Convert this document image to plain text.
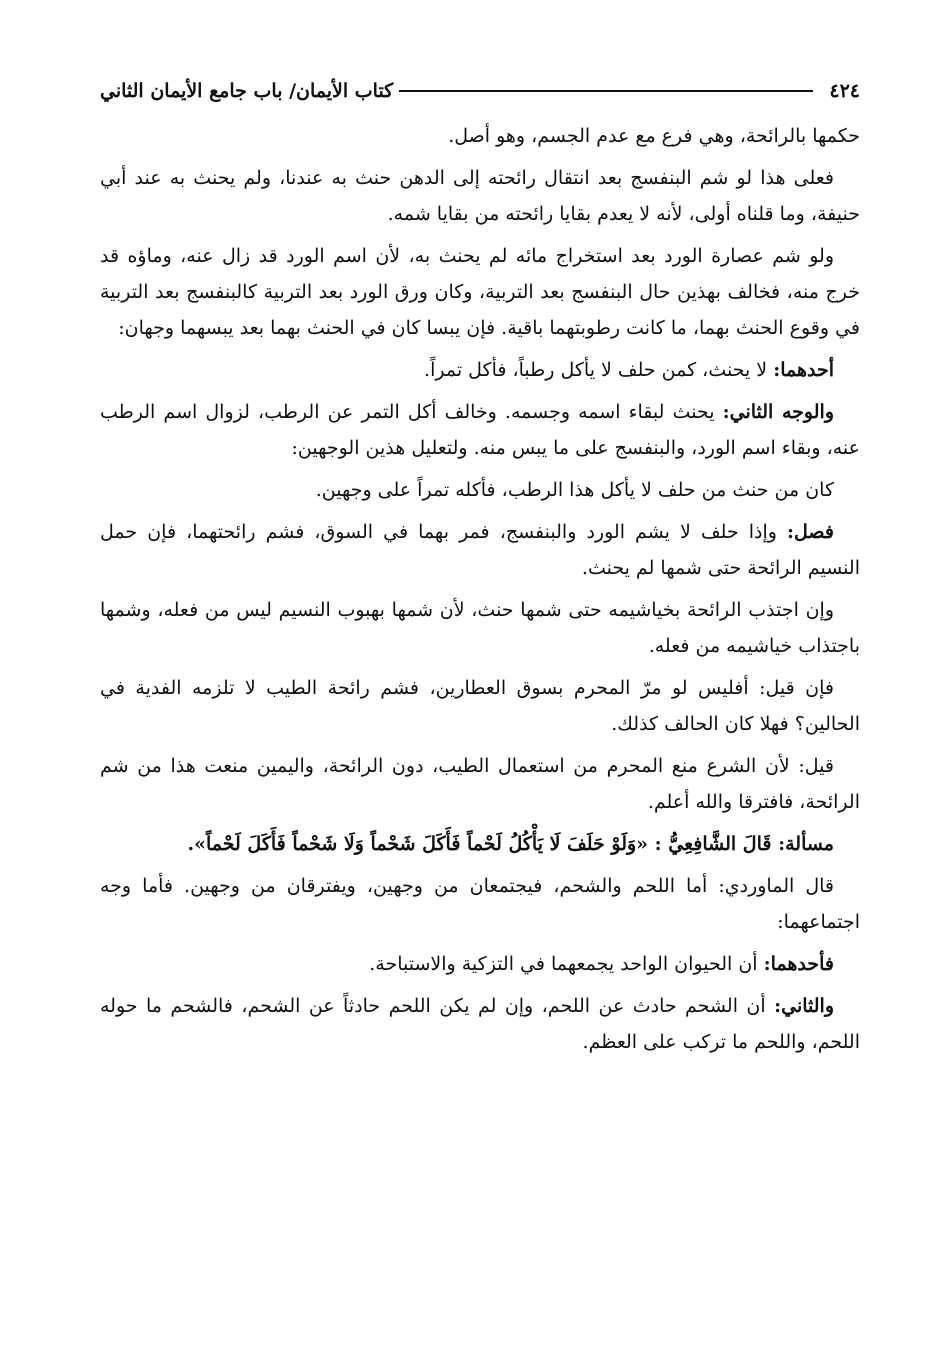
٤٢٤
كتاب الأيمان/ باب جامع الأيمان الثاني

حكمها بالرائحة، وهي فرع مع عدم الجسم، وهو أصل.

فعلى هذا لو شم البنفسج بعد انتقال رائحته إلى الدهن حنث به عندنا، ولم يحنث به عند أبي حنيفة، وما قلناه أولى، لأنه لا يعدم بقايا رائحته من بقايا شمه.

ولو شم عصارة الورد بعد استخراج مائه لم يحنث به، لأن اسم الورد قد زال عنه، وماؤه قد خرج منه، فخالف بهذين حال البنفسج بعد التربية، وكان ورق الورد بعد التربية كالبنفسج بعد التربية في وقوع الحنث بهما، ما كانت رطوبتهما باقية. فإن يبسا كان في الحنث بهما بعد يبسهما وجهان:

أحدهما: لا يحنث، كمن حلف لا يأكل رطباً، فأكل تمراً.

والوجه الثاني: يحنث لبقاء اسمه وجسمه. وخالف أكل التمر عن الرطب، لزوال اسم الرطب عنه، وبقاء اسم الورد، والبنفسج على ما يبس منه. ولتعليل هذين الوجهين:

كان من حنث من حلف لا يأكل هذا الرطب، فأكله تمراً على وجهين.

فصل: وإذا حلف لا يشم الورد والبنفسج، فمر بهما في السوق، فشم رائحتهما، فإن حمل النسيم الرائحة حتى شمها لم يحنث.

وإن اجتذب الرائحة بخياشيمه حتى شمها حنث، لأن شمها بهبوب النسيم ليس من فعله، وشمها باجتذاب خياشيمه من فعله.

فإن قيل: أفليس لو مرّ المحرم بسوق العطارين، فشم رائحة الطيب لا تلزمه الفدية في الحالين؟ فهلا كان الحالف كذلك.

قيل: لأن الشرع منع المحرم من استعمال الطيب، دون الرائحة، واليمين منعت هذا من شم الرائحة، فافترقا والله أعلم.

مسألة: قَالَ الشَّافِعِيُّ : «وَلَوْ حَلَفَ لَا يَأْكُلُ لَحْماً فَأَكَلَ شَحْماً وَلَا شَحْماً فَأَكَلَ لَحْماً».

قال الماوردي: أما اللحم والشحم، فيجتمعان من وجهين، ويفترقان من وجهين. فأما وجه اجتماعهما:

فأحدهما: أن الحيوان الواحد يجمعهما في التزكية والاستباحة.

والثاني: أن الشحم حادث عن اللحم، وإن لم يكن اللحم حادثاً عن الشحم، فالشحم ما حوله اللحم، واللحم ما تركب على العظم.
